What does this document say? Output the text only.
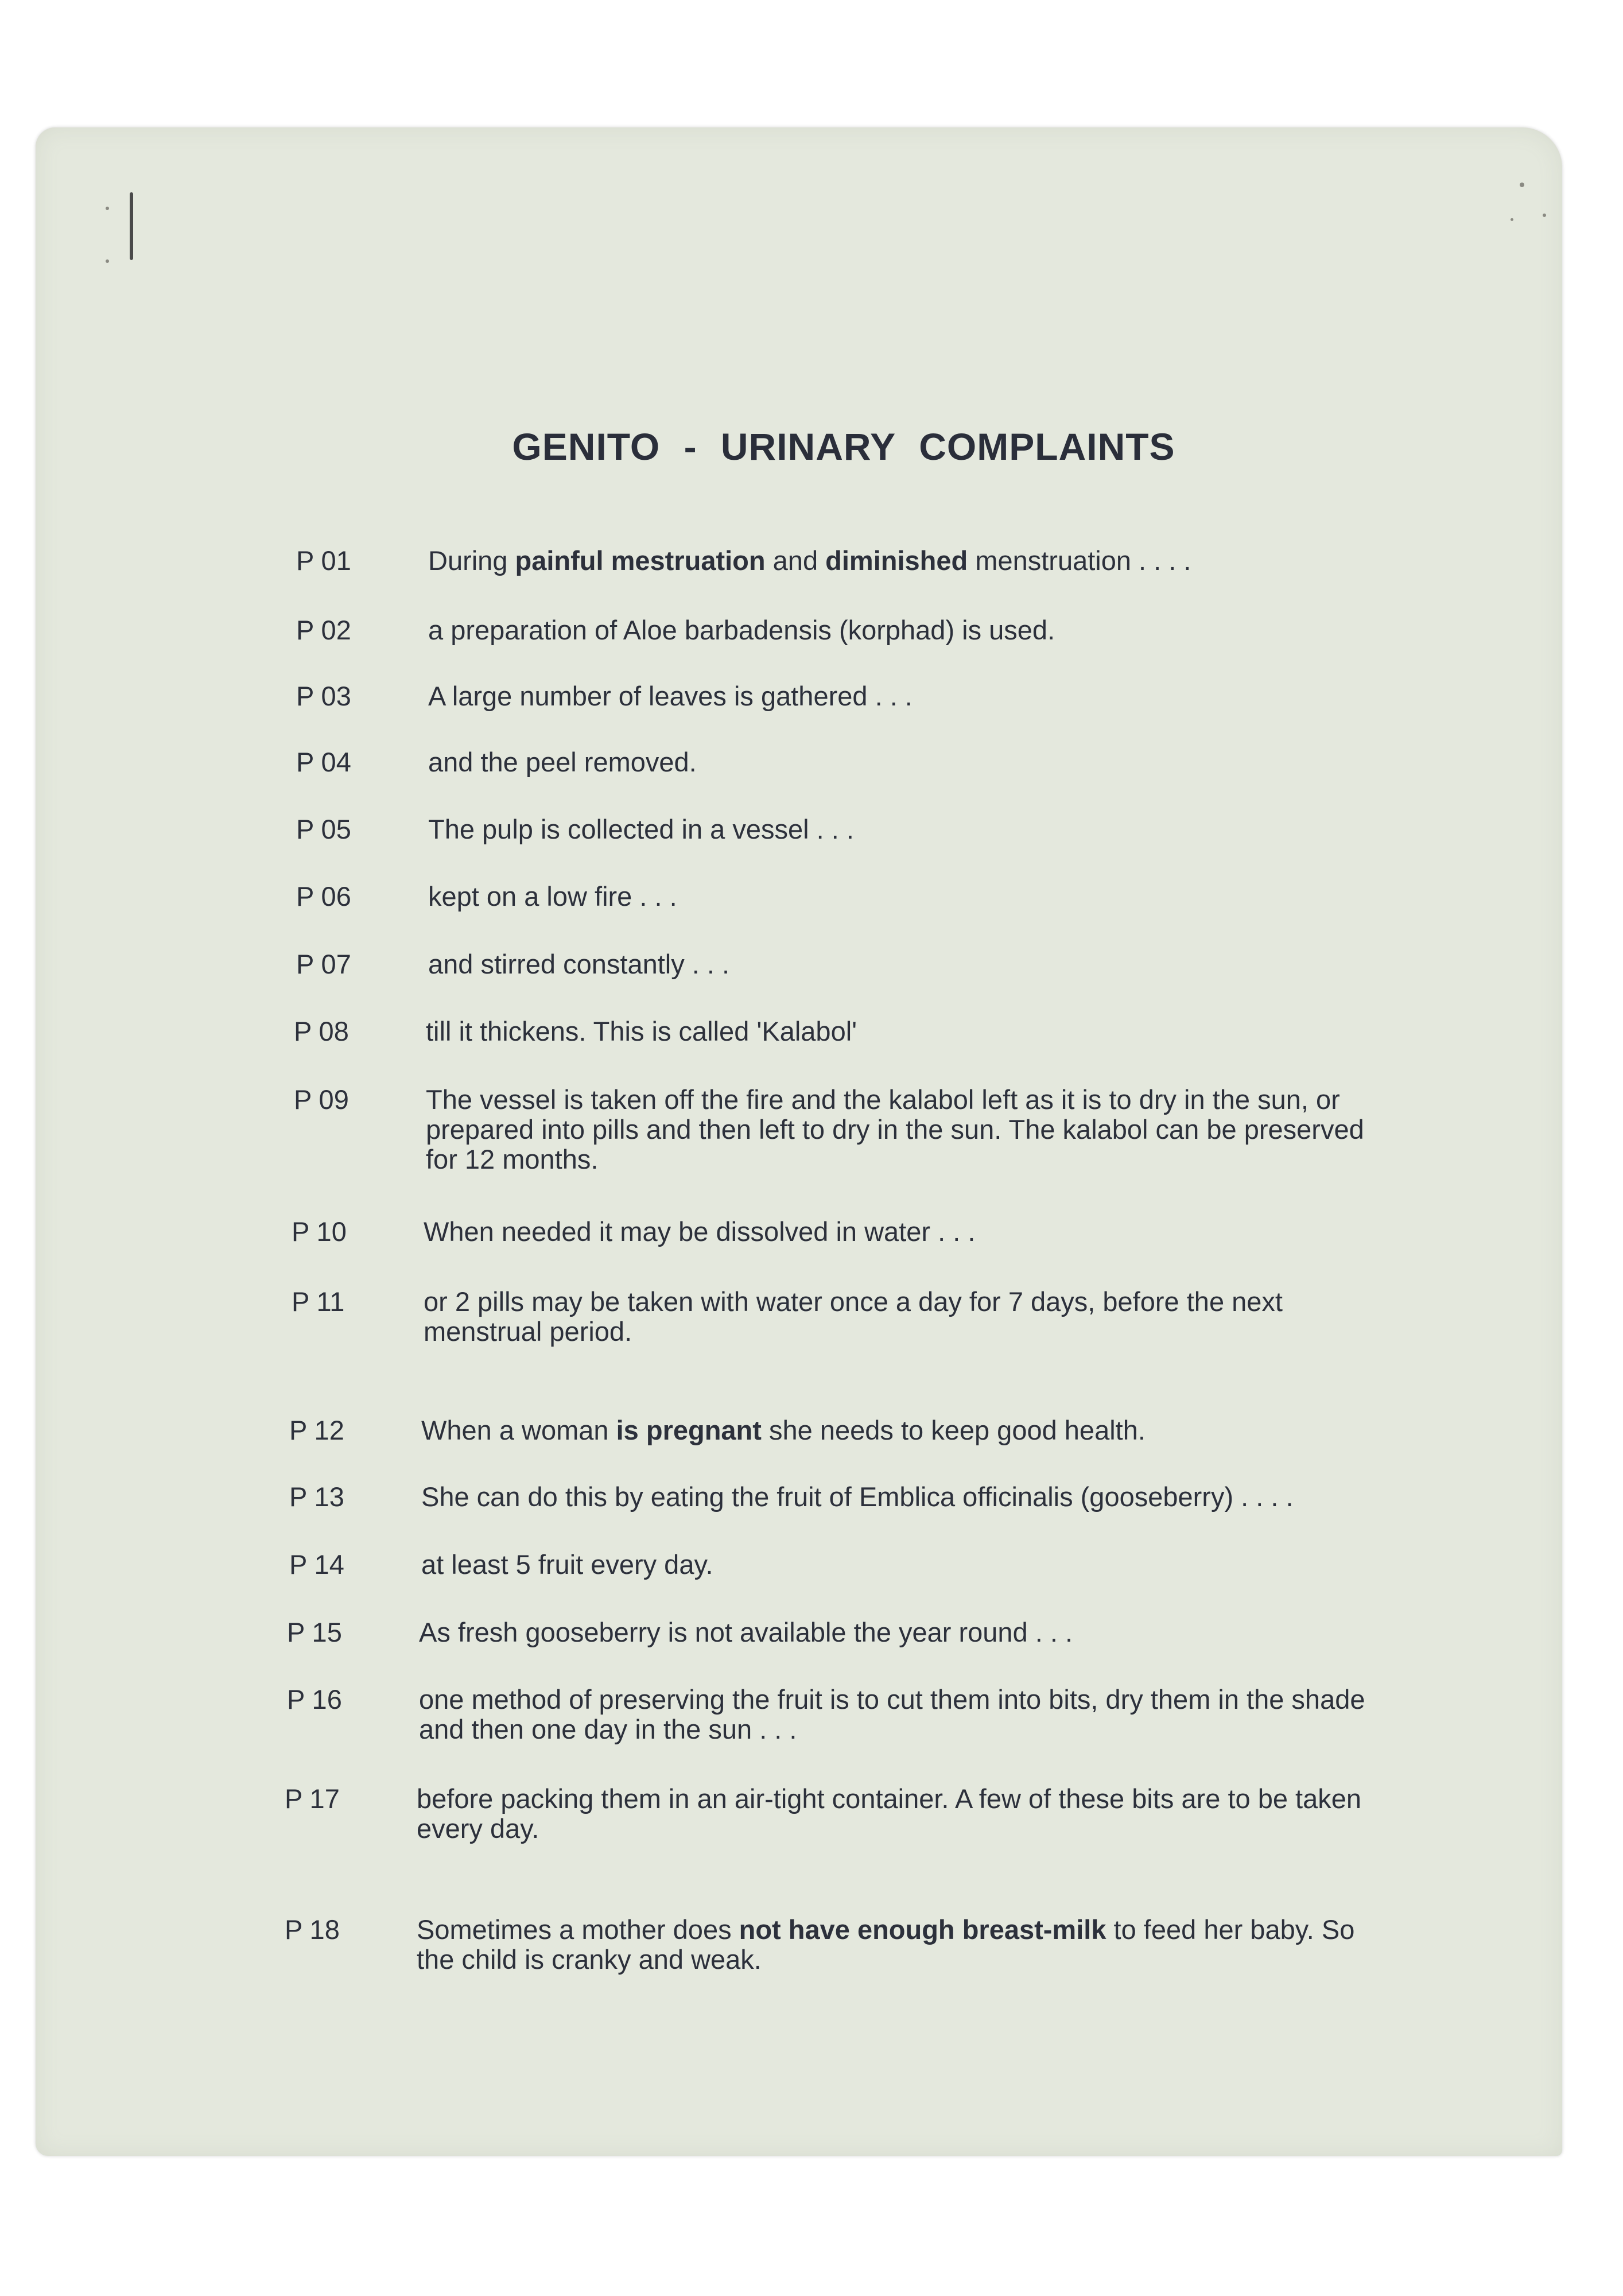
GENITO - URINARY COMPLAINTS
P 01	During painful mestruation and diminished menstruation . . . .
P 02	a preparation of Aloe barbadensis (korphad) is used.
P 03	A large number of leaves is gathered . . .
P 04	and the peel removed.
P 05	The pulp is collected in a vessel . . .
P 06	kept on a low fire . . .
P 07	and stirred constantly . . .
P 08	till it thickens. This is called 'Kalabol'
P 09	The vessel is taken off the fire and the kalabol left as it is to dry in the sun, or prepared into pills and then left to dry in the sun. The kalabol can be preserved for 12 months.
P 10	When needed it may be dissolved in water . . .
P 11	or 2 pills may be taken with water once a day for 7 days, before the next menstrual period.
P 12	When a woman is pregnant she needs to keep good health.
P 13	She can do this by eating the fruit of Emblica officinalis (gooseberry) . . . .
P 14	at least 5 fruit every day.
P 15	As fresh gooseberry is not available the year round . . .
P 16	one method of preserving the fruit is to cut them into bits, dry them in the shade and then one day in the sun . . .
P 17	before packing them in an air-tight container. A few of these bits are to be taken every day.
P 18	Sometimes a mother does not have enough breast-milk to feed her baby. So the child is cranky and weak.
